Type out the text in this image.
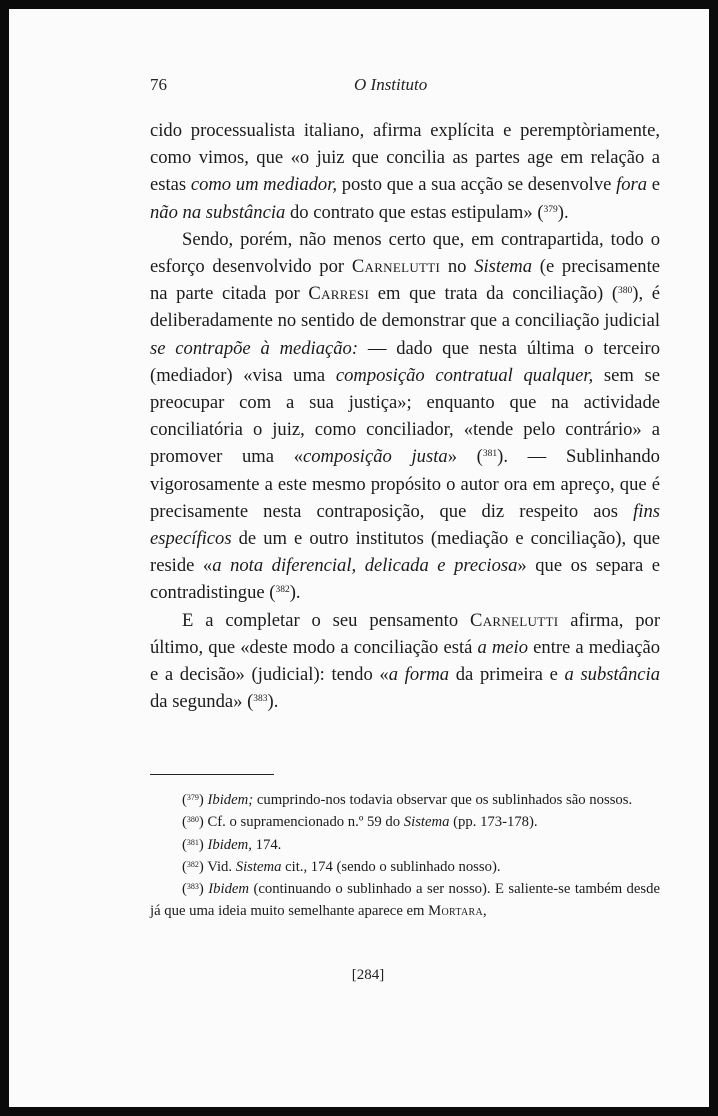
76	O Instituto

cido processualista italiano, afirma explícita e peremptòriamente, como vimos, que «o juiz que concilia as partes age em relação a estas como um mediador, posto que a sua acção se desenvolve fora e não na substância do contrato que estas estipulam» ($^{379}$).

Sendo, porém, não menos certo que, em contrapartida, todo o esforço desenvolvido por Carnelutti no Sistema (e precisamente na parte citada por Carresi em que trata da conciliação) ($^{380}$), é deliberadamente no sentido de demonstrar que a conciliação judicial se contrapõe à mediação: — dado que nesta última o terceiro (mediador) «visa uma composição contratual qualquer, sem se preocupar com a sua justiça»; enquanto que na actividade conciliatória o juiz, como conciliador, «tende pelo contrário» a promover uma «composição justa» ($^{381}$). — Sublinhando vigorosamente a este mesmo propósito o autor ora em apreço, que é precisamente nesta contraposição, que diz respeito aos fins específicos de um e outro institutos (mediação e conciliação), que reside «a nota diferencial, delicada e preciosa» que os separa e contradistingue ($^{382}$).

E a completar o seu pensamento Carnelutti afirma, por último, que «deste modo a conciliação está a meio entre a mediação e a decisão» (judicial): tendo «a forma da primeira e a substância da segunda» ($^{383}$).

($^{379}$) Ibidem; cumprindo-nos todavia observar que os sublinhados são nossos.

($^{380}$) Cf. o supramencionado n.º 59 do Sistema (pp. 173-178).

($^{381}$) Ibidem, 174.

($^{382}$) Vid. Sistema cit., 174 (sendo o sublinhado nosso).

($^{383}$) Ibidem (continuando o sublinhado a ser nosso). E saliente-se também desde já que uma ideia muito semelhante aparece em Mortara,

[284]
